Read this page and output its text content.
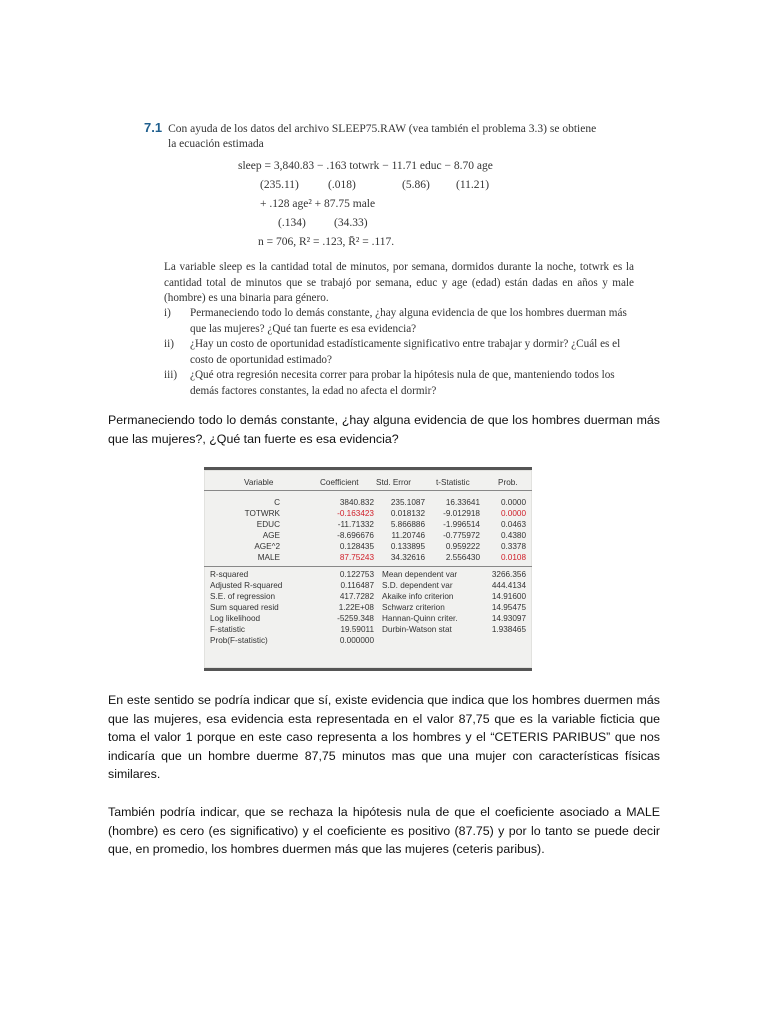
7.1 Con ayuda de los datos del archivo SLEEP75.RAW (vea también el problema 3.3) se obtiene
la ecuación estimada
sleep = 3,840.83 − .163 totwrk − 11.71 educ − 8.70 age
(235.11)	(.018)	(5.86) (11.21)
+ .128 age² + 87.75 male
(.134) (34.33)
n = 706, R² = .123, R̄² = .117.
La variable sleep es la cantidad total de minutos, por semana, dormidos durante la noche, totwrk es la cantidad total de minutos que se trabajó por semana, educ y age (edad) están dadas en años y male (hombre) es una binaria para género.
i) Permaneciendo todo lo demás constante, ¿hay alguna evidencia de que los hombres duerman más que las mujeres? ¿Qué tan fuerte es esa evidencia?
ii) ¿Hay un costo de oportunidad estadísticamente significativo entre trabajar y dormir? ¿Cuál es el costo de oportunidad estimado?
iii) ¿Qué otra regresión necesita correr para probar la hipótesis nula de que, manteniendo todos los demás factores constantes, la edad no afecta el dormir?
Permaneciendo todo lo demás constante, ¿hay alguna evidencia de que los hombres duerman más que las mujeres?, ¿Qué tan fuerte es esa evidencia?
Variable	Coefficient Std. Error	t-Statistic	Prob.
C	3840.832 235.1087	16.33641	0.0000
TOTWRK	-0.163423 0.018132 -9.012918	0.0000
EDUC	-11.71332 5.866886 -1.996514	0.0463
AGE	-8.696676 11.20746 -0.775972	0.4380
AGE^2	0.128435 0.133895	0.959222	0.3378
MALE	87.75243 34.32616	2.556430	0.0108
R-squared	0.122753 Mean dependent var	3266.356
Adjusted R-squared	0.116487 S.D. dependent var	444.4134
S.E. of regression	417.7282 Akaike info criterion	14.91600
Sum squared resid	1.22E+08 Schwarz criterion	14.95475
Log likelihood	-5259.348 Hannan-Quinn criter.	14.93097
F-statistic	19.59011 Durbin-Watson stat	1.938465
Prob(F-statistic)	0.000000
En este sentido se podría indicar que sí, existe evidencia que indica que los hombres duermen más que las mujeres, esa evidencia esta representada en el valor 87,75 que es la variable ficticia que toma el valor 1 porque en este caso representa a los hombres y el “CETERIS PARIBUS” que nos indicaría que un hombre duerme 87,75 minutos mas que una mujer con características físicas similares.
También podría indicar, que se rechaza la hipótesis nula de que el coeficiente asociado a MALE (hombre) es cero (es significativo) y el coeficiente es positivo (87.75) y por lo tanto se puede decir que, en promedio, los hombres duermen más que las mujeres (ceteris paribus).
